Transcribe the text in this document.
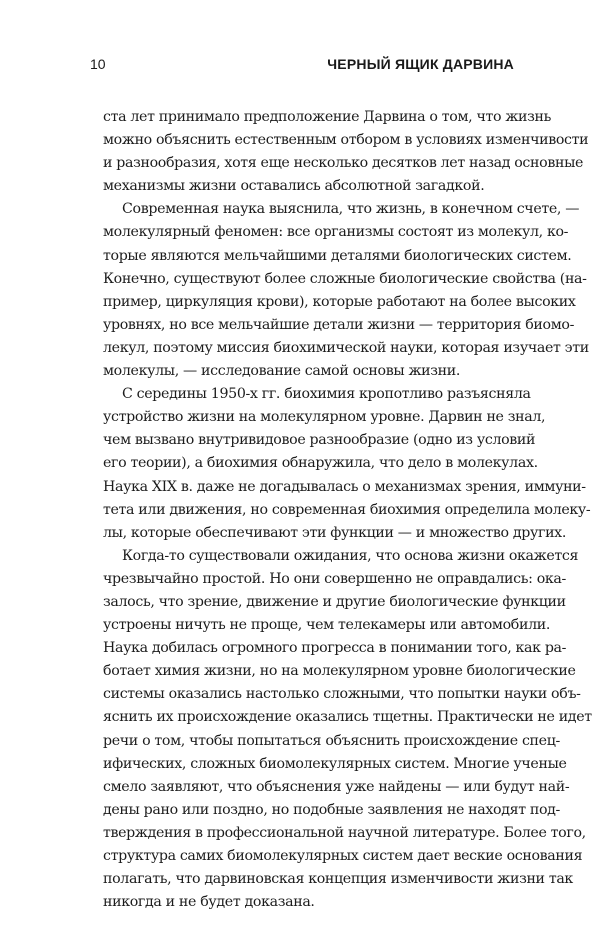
10	ЧЕРНЫЙ ЯЩИК ДАРВИНА
ста лет принимало предположение Дарвина о том, что жизнь
можно объяснить естественным отбором в условиях изменчивости
и разнообразия, хотя еще несколько десятков лет назад основные
механизмы жизни оставались абсолютной загадкой.
Современная наука выяснила, что жизнь, в конечном счете, —
молекулярный феномен: все организмы состоят из молекул, ко-
торые являются мельчайшими деталями биологических систем.
Конечно, существуют более сложные биологические свойства (на-
пример, циркуляция крови), которые работают на более высоких
уровнях, но все мельчайшие детали жизни — территория биомо-
лекул, поэтому миссия биохимической науки, которая изучает эти
молекулы, — исследование самой основы жизни.
С середины 1950-х гг. биохимия кропотливо разъясняла
устройство жизни на молекулярном уровне. Дарвин не знал,
чем вызвано внутривидовое разнообразие (одно из условий
его теории), а биохимия обнаружила, что дело в молекулах.
Наука XIX в. даже не догадывалась о механизмах зрения, иммуни-
тета или движения, но современная биохимия определила молеку-
лы, которые обеспечивают эти функции — и множество других.
Когда-то существовали ожидания, что основа жизни окажется
чрезвычайно простой. Но они совершенно не оправдались: ока-
залось, что зрение, движение и другие биологические функции
устроены ничуть не проще, чем телекамеры или автомобили.
Наука добилась огромного прогресса в понимании того, как ра-
ботает химия жизни, но на молекулярном уровне биологические
системы оказались настолько сложными, что попытки науки объ-
яснить их происхождение оказались тщетны. Практически не идет
речи о том, чтобы попытаться объяснить происхождение спец-
ифических, сложных биомолекулярных систем. Многие ученые
смело заявляют, что объяснения уже найдены — или будут най-
дены рано или поздно, но подобные заявления не находят под-
тверждения в профессиональной научной литературе. Более того,
структура самих биомолекулярных систем дает веские основания
полагать, что дарвиновская концепция изменчивости жизни так
никогда и не будет доказана.
